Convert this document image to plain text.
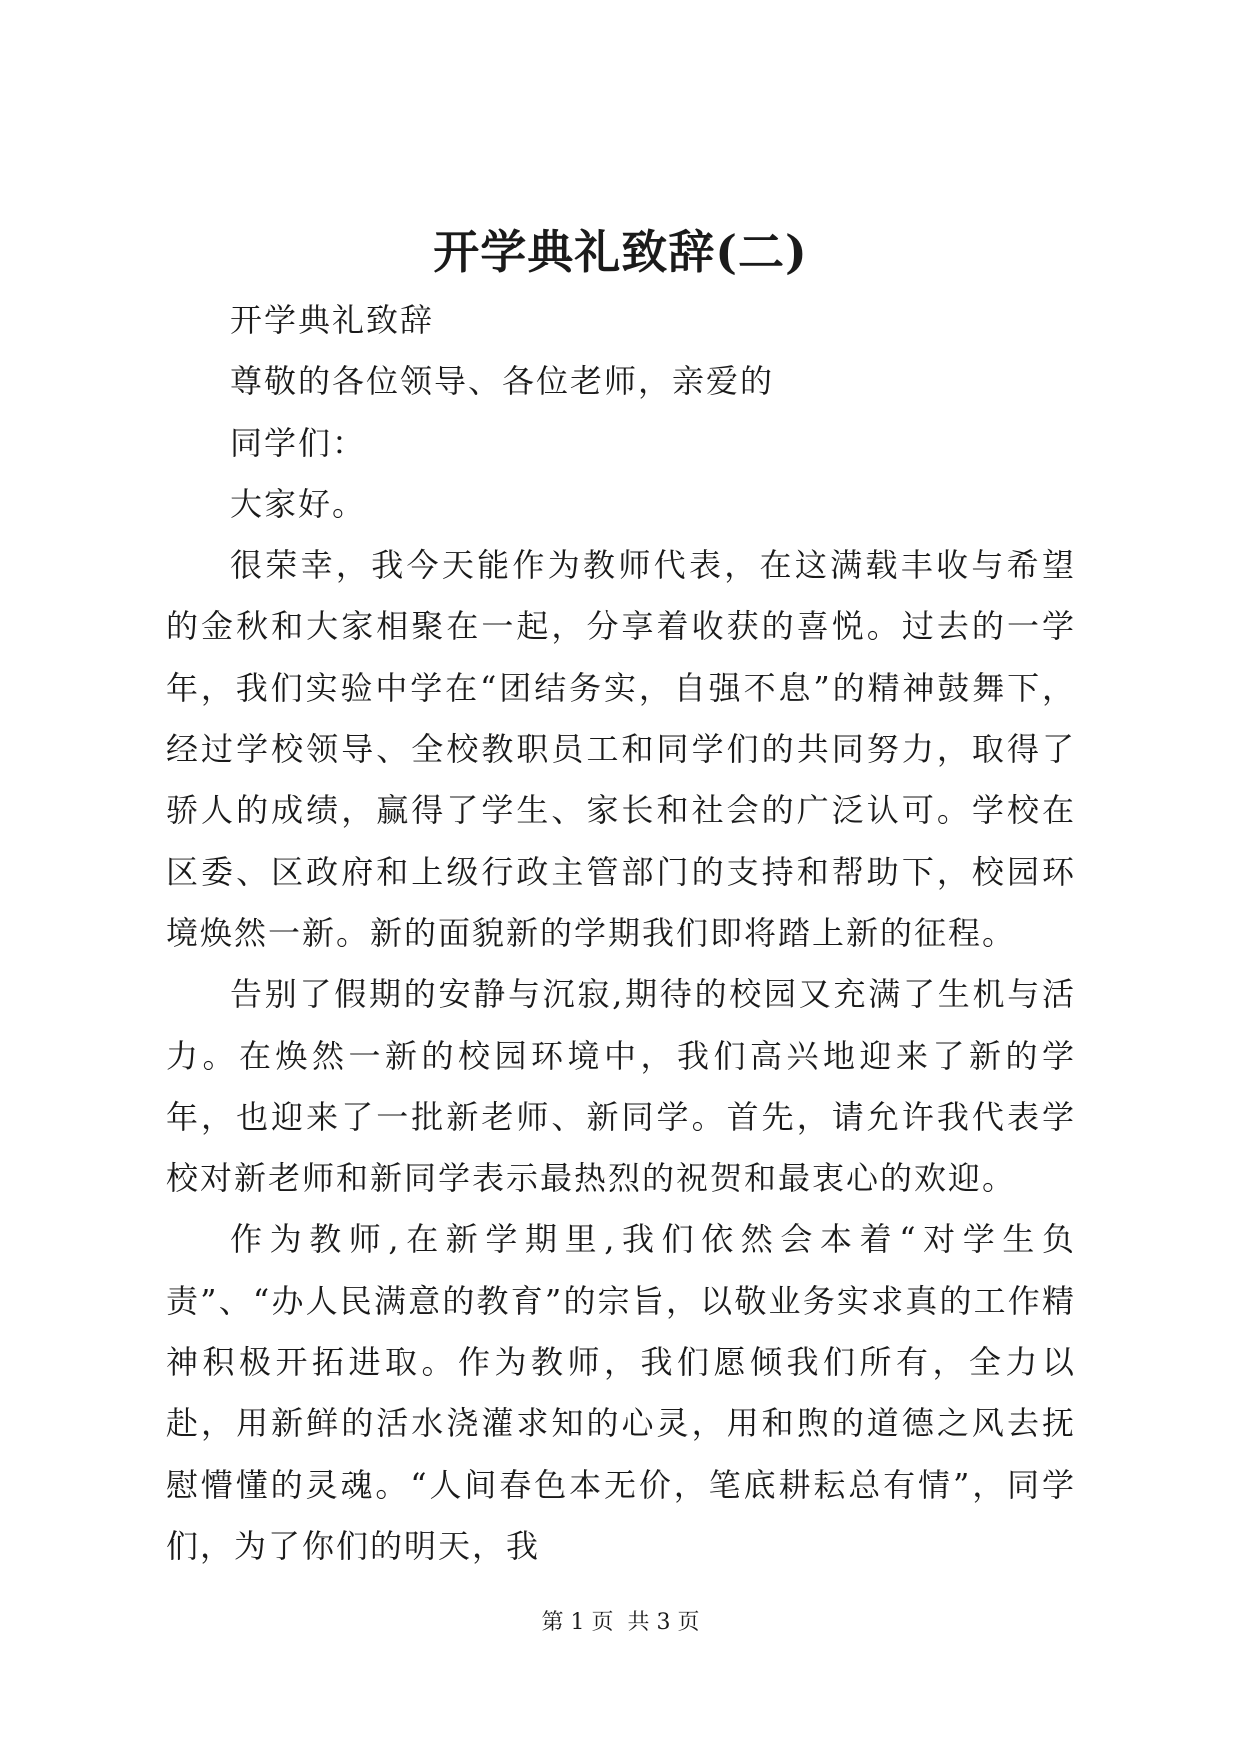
开学典礼致辞(二)

开学典礼致辞

尊敬的各位领导、各位老师，亲爱的

同学们：

大家好。

很荣幸，我今天能作为教师代表，在这满载丰收与希望的金秋和大家相聚在一起，分享着收获的喜悦。过去的一学年，我们实验中学在“团结务实，自强不息”的精神鼓舞下，经过学校领导、全校教职员工和同学们的共同努力，取得了骄人的成绩，赢得了学生、家长和社会的广泛认可。学校在区委、区政府和上级行政主管部门的支持和帮助下，校园环境焕然一新。新的面貌新的学期我们即将踏上新的征程。

告别了假期的安静与沉寂,期待的校园又充满了生机与活力。在焕然一新的校园环境中，我们高兴地迎来了新的学年，也迎来了一批新老师、新同学。首先，请允许我代表学校对新老师和新同学表示最热烈的祝贺和最衷心的欢迎。

作为教师,在新学期里,我们依然会本着“对学生负责”、“办人民满意的教育”的宗旨，以敬业务实求真的工作精神积极开拓进取。作为教师，我们愿倾我们所有，全力以赴，用新鲜的活水浇灌求知的心灵，用和煦的道德之风去抚慰懵懂的灵魂。“人间春色本无价，笔底耕耘总有情”，同学们，为了你们的明天，我

第 1 页  共 3 页
